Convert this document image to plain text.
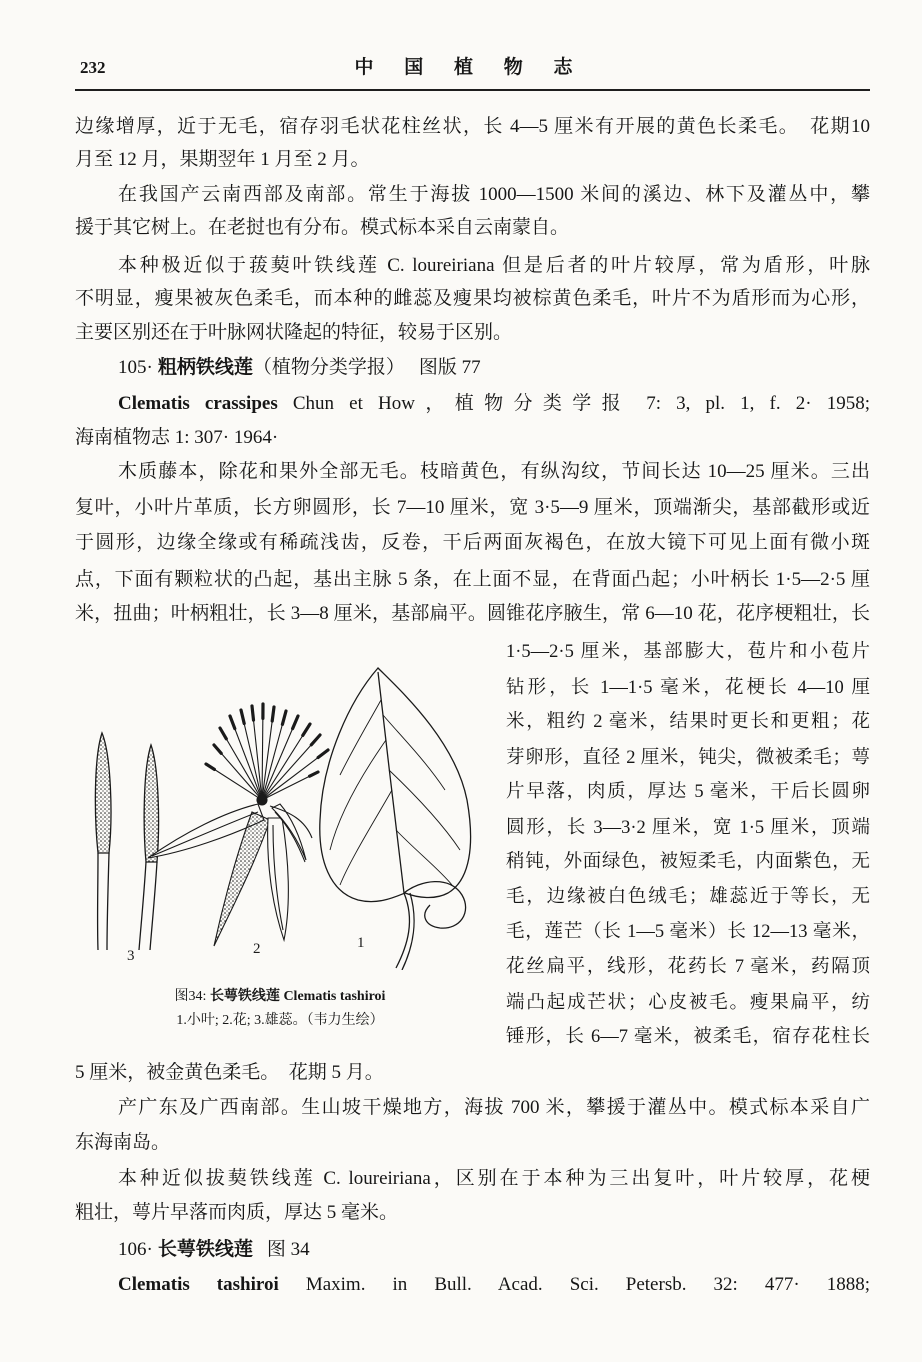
232	中 国 植 物 志
边缘增厚，近于无毛，宿存羽毛状花柱丝状，长 4—5 厘米有开展的黄色长柔毛。　花期10
月至 12 月，果期翌年 1 月至 2 月。
在我国产云南西部及南部。常生于海拔 1000—1500 米间的溪边、林下及灌丛中，攀
援于其它树上。在老挝也有分布。模式标本采自云南蒙自。
本种极近似于菝葜叶铁线莲 C. loureiriana 但是后者的叶片较厚，常为盾形，叶脉
不明显，瘦果被灰色柔毛，而本种的雌蕊及瘦果均被棕黄色柔毛，叶片不为盾形而为心形，
主要区别还在于叶脉网状隆起的特征，较易于区别。
105· 粗柄铁线莲（植物分类学报） 图版 77
Clematis crassipes Chun et How，植物分类学报 7: 3, pl. 1, f. 2· 1958;
海南植物志 1: 307· 1964·
木质藤本，除花和果外全部无毛。枝暗黄色，有纵沟纹，节间长达 10—25 厘米。三出
复叶，小叶片革质，长方卵圆形，长 7—10 厘米，宽 3·5—9 厘米，顶端渐尖，基部截形或近
于圆形，边缘全缘或有稀疏浅齿，反卷，干后两面灰褐色，在放大镜下可见上面有微小斑
点，下面有颗粒状的凸起，基出主脉 5 条，在上面不显，在背面凸起；小叶柄长 1·5—2·5 厘
米，扭曲；叶柄粗壮，长 3—8 厘米，基部扁平。圆锥花序腋生，常 6—10 花，花序梗粗壮，长
1·5—2·5 厘米，基部膨大，苞片和小苞片
钻形，长 1—1·5 毫米，花梗长 4—10 厘
米，粗约 2 毫米，结果时更长和更粗；花
芽卵形，直径 2 厘米，钝尖，微被柔毛；萼
片早落，肉质，厚达 5 毫米，干后长圆卵
圆形，长 3—3·2 厘米，宽 1·5 厘米，顶端
稍钝，外面绿色，被短柔毛，内面紫色，无
毛，边缘被白色绒毛；雄蕊近于等长，无
毛，莲芒（长 1—5 毫米）长 12—13 毫米，
花丝扁平，线形，花药长 7 毫米，药隔顶
端凸起成芒状；心皮被毛。瘦果扁平，纺
锤形，长 6—7 毫米，被柔毛，宿存花柱长
3	2	1
图34: 长萼铁线莲 Clematis tashiroi
1.小叶; 2.花; 3.雄蕊。（韦力生绘）
5 厘米，被金黄色柔毛。　花期 5 月。
产广东及广西南部。生山坡干燥地方，海拔 700 米，攀援于灌丛中。模式标本采自广
东海南岛。
本种近似拔葜铁线莲 C. loureiriana，区别在于本种为三出复叶，叶片较厚，花梗
粗壮，萼片早落而肉质，厚达 5 毫米。
106· 长萼铁线莲 图 34
Clematis tashiroi Maxim. in Bull. Acad. Sci. Petersb. 32: 477· 1888;
